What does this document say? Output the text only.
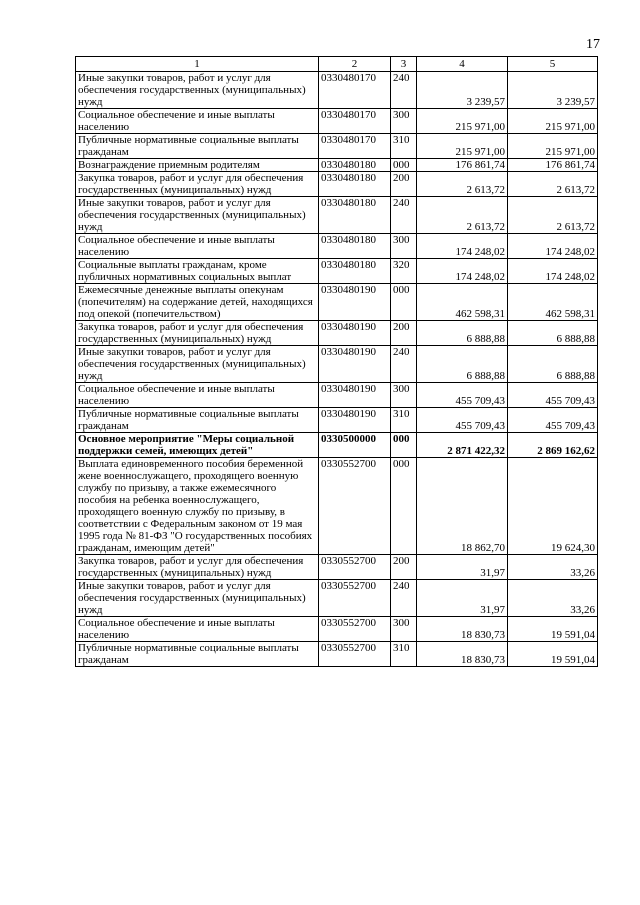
17
1	2	3	4	5
Иные закупки товаров, работ и услуг для обеспечения государственных (муниципальных) нужд	0330480170	240	3 239,57	3 239,57
Социальное обеспечение и иные выплаты населению	0330480170	300	215 971,00	215 971,00
Публичные нормативные социальные выплаты гражданам	0330480170	310	215 971,00	215 971,00
Вознаграждение приемным родителям	0330480180	000	176 861,74	176 861,74
Закупка товаров, работ и услуг для обеспечения государственных (муниципальных) нужд	0330480180	200	2 613,72	2 613,72
Иные закупки товаров, работ и услуг для обеспечения государственных (муниципальных) нужд	0330480180	240	2 613,72	2 613,72
Социальное обеспечение и иные выплаты населению	0330480180	300	174 248,02	174 248,02
Социальные выплаты гражданам, кроме публичных нормативных социальных выплат	0330480180	320	174 248,02	174 248,02
Ежемесячные денежные выплаты опекунам (попечителям) на содержание детей, находящихся под опекой (попечительством)	0330480190	000	462 598,31	462 598,31
Закупка товаров, работ и услуг для обеспечения государственных (муниципальных) нужд	0330480190	200	6 888,88	6 888,88
Иные закупки товаров, работ и услуг для обеспечения государственных (муниципальных) нужд	0330480190	240	6 888,88	6 888,88
Социальное обеспечение и иные выплаты населению	0330480190	300	455 709,43	455 709,43
Публичные нормативные социальные выплаты гражданам	0330480190	310	455 709,43	455 709,43
Основное мероприятие "Меры социальной поддержки семей, имеющих детей"	0330500000	000	2 871 422,32	2 869 162,62
Выплата единовременного пособия беременной жене военнослужащего, проходящего военную службу по призыву, а также ежемесячного пособия на ребенка военнослужащего, проходящего военную службу по призыву, в соответствии с Федеральным законом от 19 мая 1995 года № 81-ФЗ "О государственных пособиях гражданам, имеющим детей"	0330552700	000	18 862,70	19 624,30
Закупка товаров, работ и услуг для обеспечения государственных (муниципальных) нужд	0330552700	200	31,97	33,26
Иные закупки товаров, работ и услуг для обеспечения государственных (муниципальных) нужд	0330552700	240	31,97	33,26
Социальное обеспечение и иные выплаты населению	0330552700	300	18 830,73	19 591,04
Публичные нормативные социальные выплаты гражданам	0330552700	310	18 830,73	19 591,04
